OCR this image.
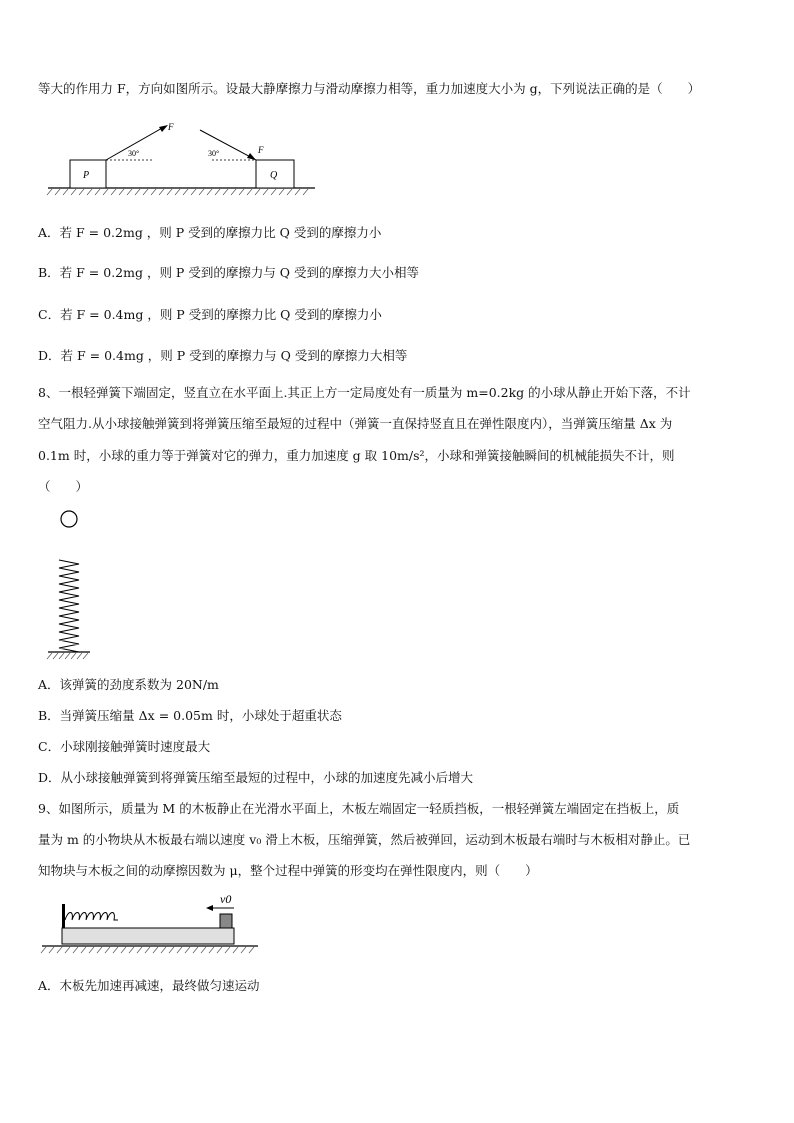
等大的作用力 F，方向如图所示。设最大静摩擦力与滑动摩擦力相等，重力加速度大小为 g，下列说法正确的是（　　）
P
F
30°
Q
F
30°
A．若 F = 0.2mg ，则 P 受到的摩擦力比 Q 受到的摩擦力小
B．若 F = 0.2mg ，则 P 受到的摩擦力与 Q 受到的摩擦力大小相等
C．若 F = 0.4mg ，则 P 受到的摩擦力比 Q 受到的摩擦力小
D．若 F = 0.4mg ，则 P 受到的摩擦力与 Q 受到的摩擦力大相等
8、一根轻弹簧下端固定，竖直立在水平面上.其正上方一定局度处有一质量为 m=0.2kg 的小球从静止开始下落，不计
空气阻力.从小球接触弹簧到将弹簧压缩至最短的过程中（弹簧一直保持竖直且在弹性限度内），当弹簧压缩量 Δx 为
0.1m 时，小球的重力等于弹簧对它的弹力，重力加速度 g 取 10m/s²，小球和弹簧接触瞬间的机械能损失不计，则
（　　）
A．该弹簧的劲度系数为 20N/m
B．当弹簧压缩量 Δx = 0.05m 时，小球处于超重状态
C．小球刚接触弹簧时速度最大
D．从小球接触弹簧到将弹簧压缩至最短的过程中，小球的加速度先减小后增大
9、如图所示，质量为 M 的木板静止在光滑水平面上，木板左端固定一轻质挡板，一根轻弹簧左端固定在挡板上，质
量为 m 的小物块从木板最右端以速度 v₀ 滑上木板，压缩弹簧，然后被弹回，运动到木板最右端时与木板相对静止。已
知物块与木板之间的动摩擦因数为 μ，整个过程中弹簧的形变均在弹性限度内，则（　　）
v0
A．木板先加速再减速，最终做匀速运动
